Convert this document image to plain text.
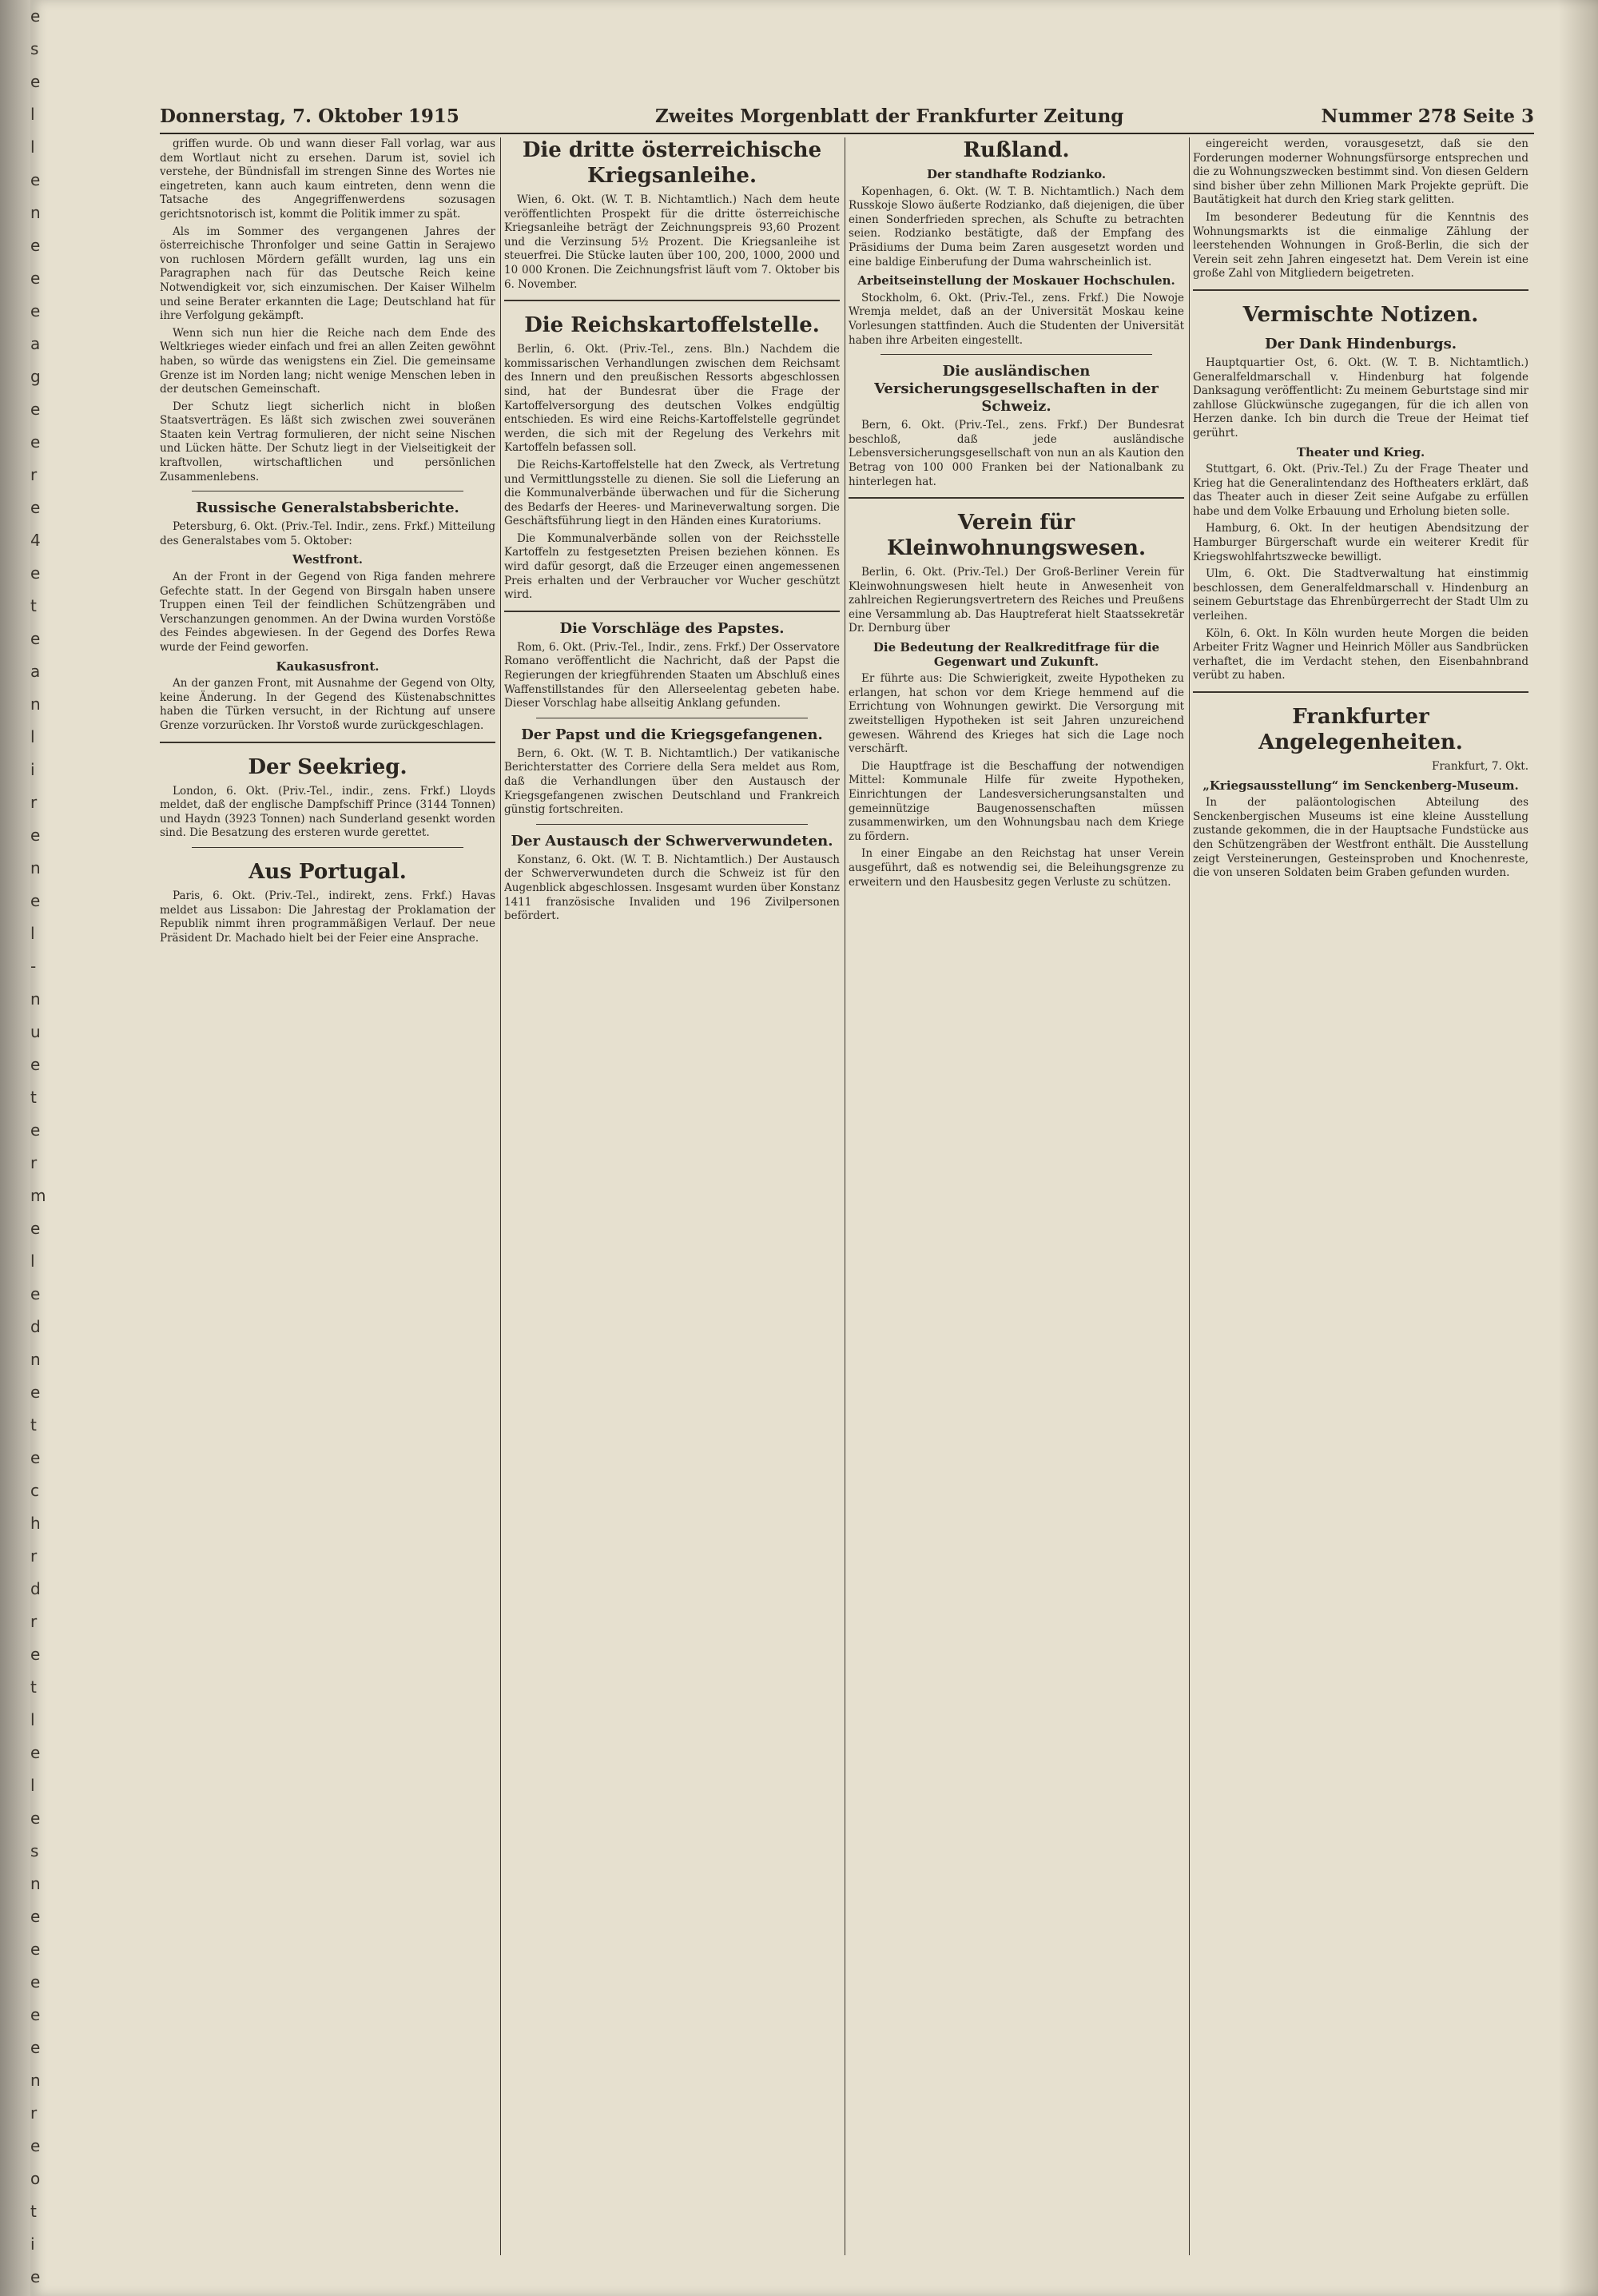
e
s
e
l
l
e
n
e
e
e
a
g
e
e
r
e
4
e
t
e
a
n
l
i
r
e
n
e
l
-
n
u
e
t
e
r
m
e
l
e
d
n
e
t
e
c
h
r
d
r
e
t
l
e
l
e
s
n
e
e
e
e
e
n
r
e
o
t
i
e
Donnerstag, 7. Oktober 1915	Zweites Morgenblatt der Frankfurter Zeitung	Nummer 278 Seite 3

griffen wurde. Ob und wann dieser Fall vorlag, war aus dem Wortlaut nicht zu ersehen. Darum ist, soviel ich verstehe, der Bündnisfall im strengen Sinne des Wortes nie eingetreten, kann auch kaum eintreten, denn wenn die Tatsache des Angegriffenwerdens sozusagen gerichtsnotorisch ist, kommt die Politik immer zu spät.

Als im Sommer des vergangenen Jahres der österreichische Thronfolger und seine Gattin in Serajewo von ruchlosen Mördern gefällt wurden, lag uns ein Paragraphen nach für das Deutsche Reich keine Notwendigkeit vor, sich einzumischen. Der Kaiser Wilhelm und seine Berater erkannten die Lage; Deutschland hat für ihre Verfolgung gekämpft.

Wenn sich nun hier die Reiche nach dem Ende des Weltkrieges wieder einfach und frei an allen Zeiten gewöhnt haben, so würde das wenigstens ein Ziel. Die gemeinsame Grenze ist im Norden lang; nicht wenige Menschen leben in der deutschen Gemeinschaft.

Der Schutz liegt sicherlich nicht in bloßen Staatsverträgen. Es läßt sich zwischen zwei souveränen Staaten kein Vertrag formulieren, der nicht seine Nischen und Lücken hätte. Der Schutz liegt in der Vielseitigkeit der kraftvollen, wirtschaftlichen und persönlichen Zusammenlebens.

Russische Generalstabsberichte.

Petersburg, 6. Okt. (Priv.-Tel. Indir., zens. Frkf.) Mitteilung des Generalstabes vom 5. Oktober:

Westfront.

An der Front in der Gegend von Riga fanden mehrere Gefechte statt. In der Gegend von Birsgaln haben unsere Truppen einen Teil der feindlichen Schützengräben und Verschanzungen genommen. An der Dwina wurden Vorstöße des Feindes abgewiesen. In der Gegend des Dorfes Rewa wurde der Feind geworfen.

Kaukasusfront.

An der ganzen Front, mit Ausnahme der Gegend von Olty, keine Änderung. In der Gegend des Küstenabschnittes haben die Türken versucht, in der Richtung auf unsere Grenze vorzurücken. Ihr Vorstoß wurde zurückgeschlagen.

Der Seekrieg.

London, 6. Okt. (Priv.-Tel., indir., zens. Frkf.) Lloyds meldet, daß der englische Dampfschiff Prince (3144 Tonnen) und Haydn (3923 Tonnen) nach Sunderland gesenkt worden sind. Die Besatzung des ersteren wurde gerettet.

Aus Portugal.

Paris, 6. Okt. (Priv.-Tel., indirekt, zens. Frkf.) Havas meldet aus Lissabon: Die Jahrestag der Proklamation der Republik nimmt ihren programmäßigen Verlauf. Der neue Präsident Dr. Machado hielt bei der Feier eine Ansprache.

Die dritte österreichische Kriegsanleihe.

Wien, 6. Okt. (W. T. B. Nichtamtlich.) Nach dem heute veröffentlichten Prospekt für die dritte österreichische Kriegsanleihe beträgt der Zeichnungspreis 93,60 Prozent und die Verzinsung 5½ Prozent. Die Kriegsanleihe ist steuerfrei. Die Stücke lauten über 100, 200, 1000, 2000 und 10 000 Kronen. Die Zeichnungsfrist läuft vom 7. Oktober bis 6. November.

Die Reichskartoffelstelle.

Berlin, 6. Okt. (Priv.-Tel., zens. Bln.) Nachdem die kommissarischen Verhandlungen zwischen dem Reichsamt des Innern und den preußischen Ressorts abgeschlossen sind, hat der Bundesrat über die Frage der Kartoffelversorgung des deutschen Volkes endgültig entschieden. Es wird eine Reichs-Kartoffelstelle gegründet werden, die sich mit der Regelung des Verkehrs mit Kartoffeln befassen soll.

Die Reichs-Kartoffelstelle hat den Zweck, als Vertretung und Vermittlungsstelle zu dienen. Sie soll die Lieferung an die Kommunalverbände überwachen und für die Sicherung des Bedarfs der Heeres- und Marineverwaltung sorgen. Die Geschäftsführung liegt in den Händen eines Kuratoriums.

Die Kommunalverbände sollen von der Reichsstelle Kartoffeln zu festgesetzten Preisen beziehen können. Es wird dafür gesorgt, daß die Erzeuger einen angemessenen Preis erhalten und der Verbraucher vor Wucher geschützt wird.

Die Vorschläge des Papstes.

Rom, 6. Okt. (Priv.-Tel., Indir., zens. Frkf.) Der Osservatore Romano veröffentlicht die Nachricht, daß der Papst die Regierungen der kriegführenden Staaten um Abschluß eines Waffenstillstandes für den Allerseelentag gebeten habe. Dieser Vorschlag habe allseitig Anklang gefunden.

Der Papst und die Kriegsgefangenen.

Bern, 6. Okt. (W. T. B. Nichtamtlich.) Der vatikanische Berichterstatter des Corriere della Sera meldet aus Rom, daß die Verhandlungen über den Austausch der Kriegsgefangenen zwischen Deutschland und Frankreich günstig fortschreiten.

Der Austausch der Schwerverwundeten.

Konstanz, 6. Okt. (W. T. B. Nichtamtlich.) Der Austausch der Schwerverwundeten durch die Schweiz ist für den Augenblick abgeschlossen. Insgesamt wurden über Konstanz 1411 französische Invaliden und 196 Zivilpersonen befördert.

Rußland.
Der standhafte Rodzianko.

Kopenhagen, 6. Okt. (W. T. B. Nichtamtlich.) Nach dem Russkoje Slowo äußerte Rodzianko, daß diejenigen, die über einen Sonderfrieden sprechen, als Schufte zu betrachten seien. Rodzianko bestätigte, daß der Empfang des Präsidiums der Duma beim Zaren ausgesetzt worden und eine baldige Einberufung der Duma wahrscheinlich ist.

Arbeitseinstellung der Moskauer Hochschulen.

Stockholm, 6. Okt. (Priv.-Tel., zens. Frkf.) Die Nowoje Wremja meldet, daß an der Universität Moskau keine Vorlesungen stattfinden. Auch die Studenten der Universität haben ihre Arbeiten eingestellt.

Die ausländischen Versicherungsgesellschaften in der Schweiz.

Bern, 6. Okt. (Priv.-Tel., zens. Frkf.) Der Bundesrat beschloß, daß jede ausländische Lebensversicherungsgesellschaft von nun an als Kaution den Betrag von 100 000 Franken bei der Nationalbank zu hinterlegen hat.

Verein für Kleinwohnungswesen.

Berlin, 6. Okt. (Priv.-Tel.) Der Groß-Berliner Verein für Kleinwohnungswesen hielt heute in Anwesenheit von zahlreichen Regierungsvertretern des Reiches und Preußens eine Versammlung ab. Das Hauptreferat hielt Staatssekretär Dr. Dernburg über

Die Bedeutung der Realkreditfrage für die Gegenwart und Zukunft.

Er führte aus: Die Schwierigkeit, zweite Hypotheken zu erlangen, hat schon vor dem Kriege hemmend auf die Errichtung von Wohnungen gewirkt. Die Versorgung mit zweitstelligen Hypotheken ist seit Jahren unzureichend gewesen. Während des Krieges hat sich die Lage noch verschärft.

Die Hauptfrage ist die Beschaffung der notwendigen Mittel: Kommunale Hilfe für zweite Hypotheken, Einrichtungen der Landesversicherungsanstalten und gemeinnützige Baugenossenschaften müssen zusammenwirken, um den Wohnungsbau nach dem Kriege zu fördern.

In einer Eingabe an den Reichstag hat unser Verein ausgeführt, daß es notwendig sei, die Beleihungsgrenze zu erweitern und den Hausbesitz gegen Verluste zu schützen.

eingereicht werden, vorausgesetzt, daß sie den Forderungen moderner Wohnungsfürsorge entsprechen und die zu Wohnungszwecken bestimmt sind. Von diesen Geldern sind bisher über zehn Millionen Mark Projekte geprüft. Die Bautätigkeit hat durch den Krieg stark gelitten.

Im besonderer Bedeutung für die Kenntnis des Wohnungsmarkts ist die einmalige Zählung der leerstehenden Wohnungen in Groß-Berlin, die sich der Verein seit zehn Jahren eingesetzt hat. Dem Verein ist eine große Zahl von Mitgliedern beigetreten.

Vermischte Notizen.
Der Dank Hindenburgs.

Hauptquartier Ost, 6. Okt. (W. T. B. Nichtamtlich.) Generalfeldmarschall v. Hindenburg hat folgende Danksagung veröffentlicht: Zu meinem Geburtstage sind mir zahllose Glückwünsche zugegangen, für die ich allen von Herzen danke. Ich bin durch die Treue der Heimat tief gerührt.

Theater und Krieg.

Stuttgart, 6. Okt. (Priv.-Tel.) Zu der Frage Theater und Krieg hat die Generalintendanz des Hoftheaters erklärt, daß das Theater auch in dieser Zeit seine Aufgabe zu erfüllen habe und dem Volke Erbauung und Erholung bieten solle.

Hamburg, 6. Okt. In der heutigen Abendsitzung der Hamburger Bürgerschaft wurde ein weiterer Kredit für Kriegswohlfahrtszwecke bewilligt.

Ulm, 6. Okt. Die Stadtverwaltung hat einstimmig beschlossen, dem Generalfeldmarschall v. Hindenburg an seinem Geburtstage das Ehrenbürgerrecht der Stadt Ulm zu verleihen.

Köln, 6. Okt. In Köln wurden heute Morgen die beiden Arbeiter Fritz Wagner und Heinrich Möller aus Sandbrücken verhaftet, die im Verdacht stehen, den Eisenbahnbrand verübt zu haben.

Frankfurter Angelegenheiten.

Frankfurt, 7. Okt.

„Kriegsausstellung“ im Senckenberg-Museum.

In der paläontologischen Abteilung des Senckenbergischen Museums ist eine kleine Ausstellung zustande gekommen, die in der Hauptsache Fundstücke aus den Schützengräben der Westfront enthält. Die Ausstellung zeigt Versteinerungen, Gesteinsproben und Knochenreste, die von unseren Soldaten beim Graben gefunden wurden.
